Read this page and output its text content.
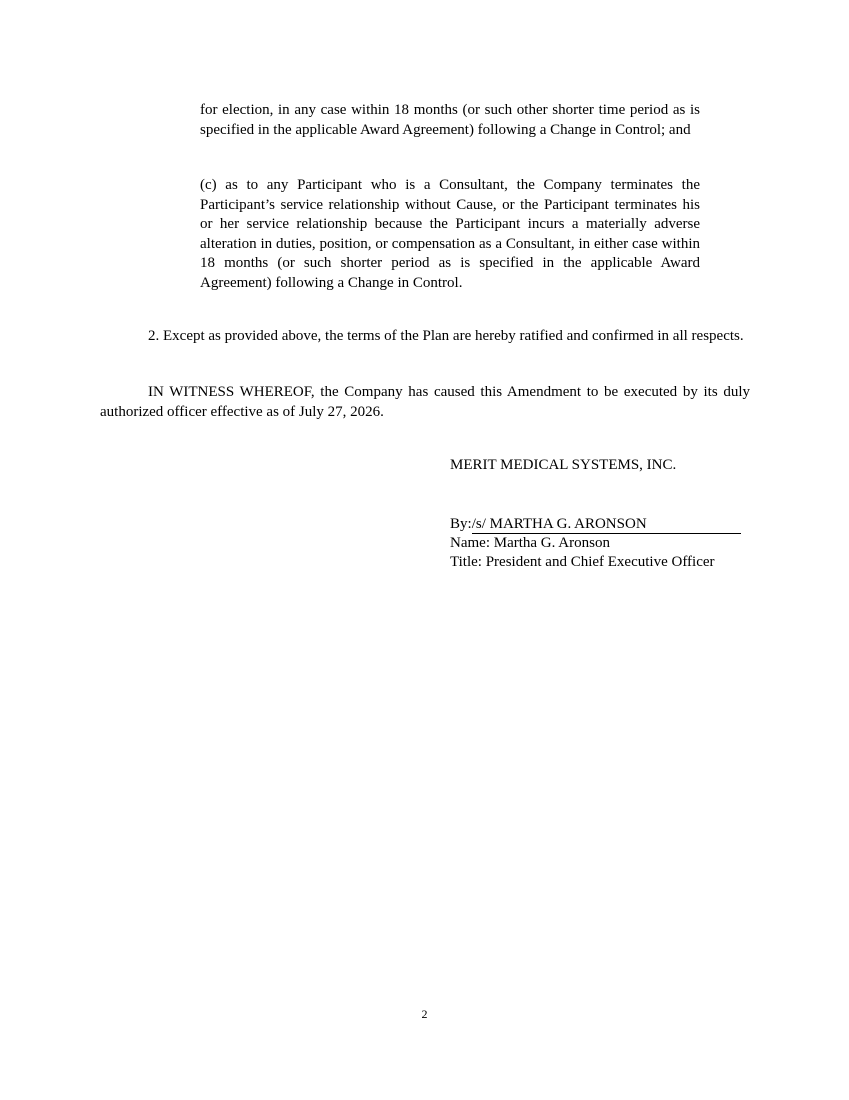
for election, in any case within 18 months (or such other shorter time period as is specified in the applicable Award Agreement) following a Change in Control; and

(c) as to any Participant who is a Consultant, the Company terminates the Participant’s service relationship without Cause, or the Participant terminates his or her service relationship because the Participant incurs a materially adverse alteration in duties, position, or compensation as a Consultant, in either case within 18 months (or such shorter period as is specified in the applicable Award Agreement) following a Change in Control.

2. Except as provided above, the terms of the Plan are hereby ratified and confirmed in all respects.

IN WITNESS WHEREOF, the Company has caused this Amendment to be executed by its duly authorized officer effective as of July 27, 2026.

MERIT MEDICAL SYSTEMS, INC.
By:/s/ MARTHA G. ARONSON
Name: Martha G. Aronson
Title: President and Chief Executive Officer
2
